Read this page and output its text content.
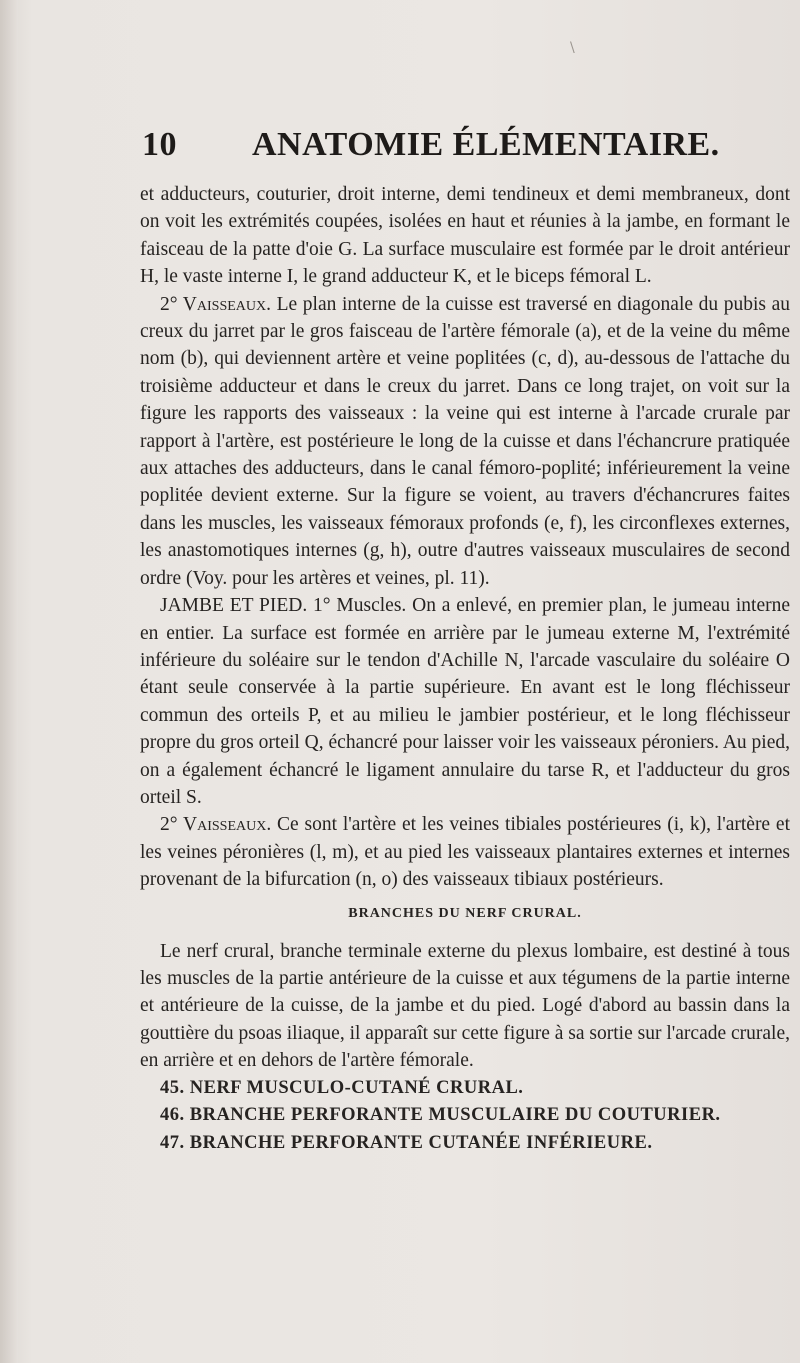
\
10 ANATOMIE ÉLÉMENTAIRE.

et adducteurs, couturier, droit interne, demi tendineux et demi membraneux, dont on voit les extrémités coupées, isolées en haut et réunies à la jambe, en formant le faisceau de la patte d'oie G. La surface musculaire est formée par le droit antérieur H, le vaste interne I, le grand adducteur K, et le biceps fémoral L.

2° Vaisseaux. Le plan interne de la cuisse est traversé en diagonale du pubis au creux du jarret par le gros faisceau de l'artère fémorale (a), et de la veine du même nom (b), qui deviennent artère et veine poplitées (c, d), au-dessous de l'attache du troisième adducteur et dans le creux du jarret. Dans ce long trajet, on voit sur la figure les rapports des vaisseaux : la veine qui est interne à l'arcade crurale par rapport à l'artère, est postérieure le long de la cuisse et dans l'échancrure pratiquée aux attaches des adducteurs, dans le canal fémoro-poplité; inférieurement la veine poplitée devient externe. Sur la figure se voient, au travers d'échancrures faites dans les muscles, les vaisseaux fémoraux profonds (e, f), les circonflexes externes, les anastomotiques internes (g, h), outre d'autres vaisseaux musculaires de second ordre (Voy. pour les artères et veines, pl. 11).

JAMBE ET PIED. 1° Muscles. On a enlevé, en premier plan, le jumeau interne en entier. La surface est formée en arrière par le jumeau externe M, l'extrémité inférieure du soléaire sur le tendon d'Achille N, l'arcade vasculaire du soléaire O étant seule conservée à la partie supérieure. En avant est le long fléchisseur commun des orteils P, et au milieu le jambier postérieur, et le long fléchisseur propre du gros orteil Q, échancré pour laisser voir les vaisseaux péroniers. Au pied, on a également échancré le ligament annulaire du tarse R, et l'adducteur du gros orteil S.

2° Vaisseaux. Ce sont l'artère et les veines tibiales postérieures (i, k), l'artère et les veines péronières (l, m), et au pied les vaisseaux plantaires externes et internes provenant de la bifurcation (n, o) des vaisseaux tibiaux postérieurs.

BRANCHES DU NERF CRURAL.

Le nerf crural, branche terminale externe du plexus lombaire, est destiné à tous les muscles de la partie antérieure de la cuisse et aux tégumens de la partie interne et antérieure de la cuisse, de la jambe et du pied. Logé d'abord au bassin dans la gouttière du psoas iliaque, il apparaît sur cette figure à sa sortie sur l'arcade crurale, en arrière et en dehors de l'artère fémorale.

45. NERF MUSCULO-CUTANÉ CRURAL.

46. BRANCHE PERFORANTE MUSCULAIRE DU COUTURIER.

47. BRANCHE PERFORANTE CUTANÉE INFÉRIEURE.
